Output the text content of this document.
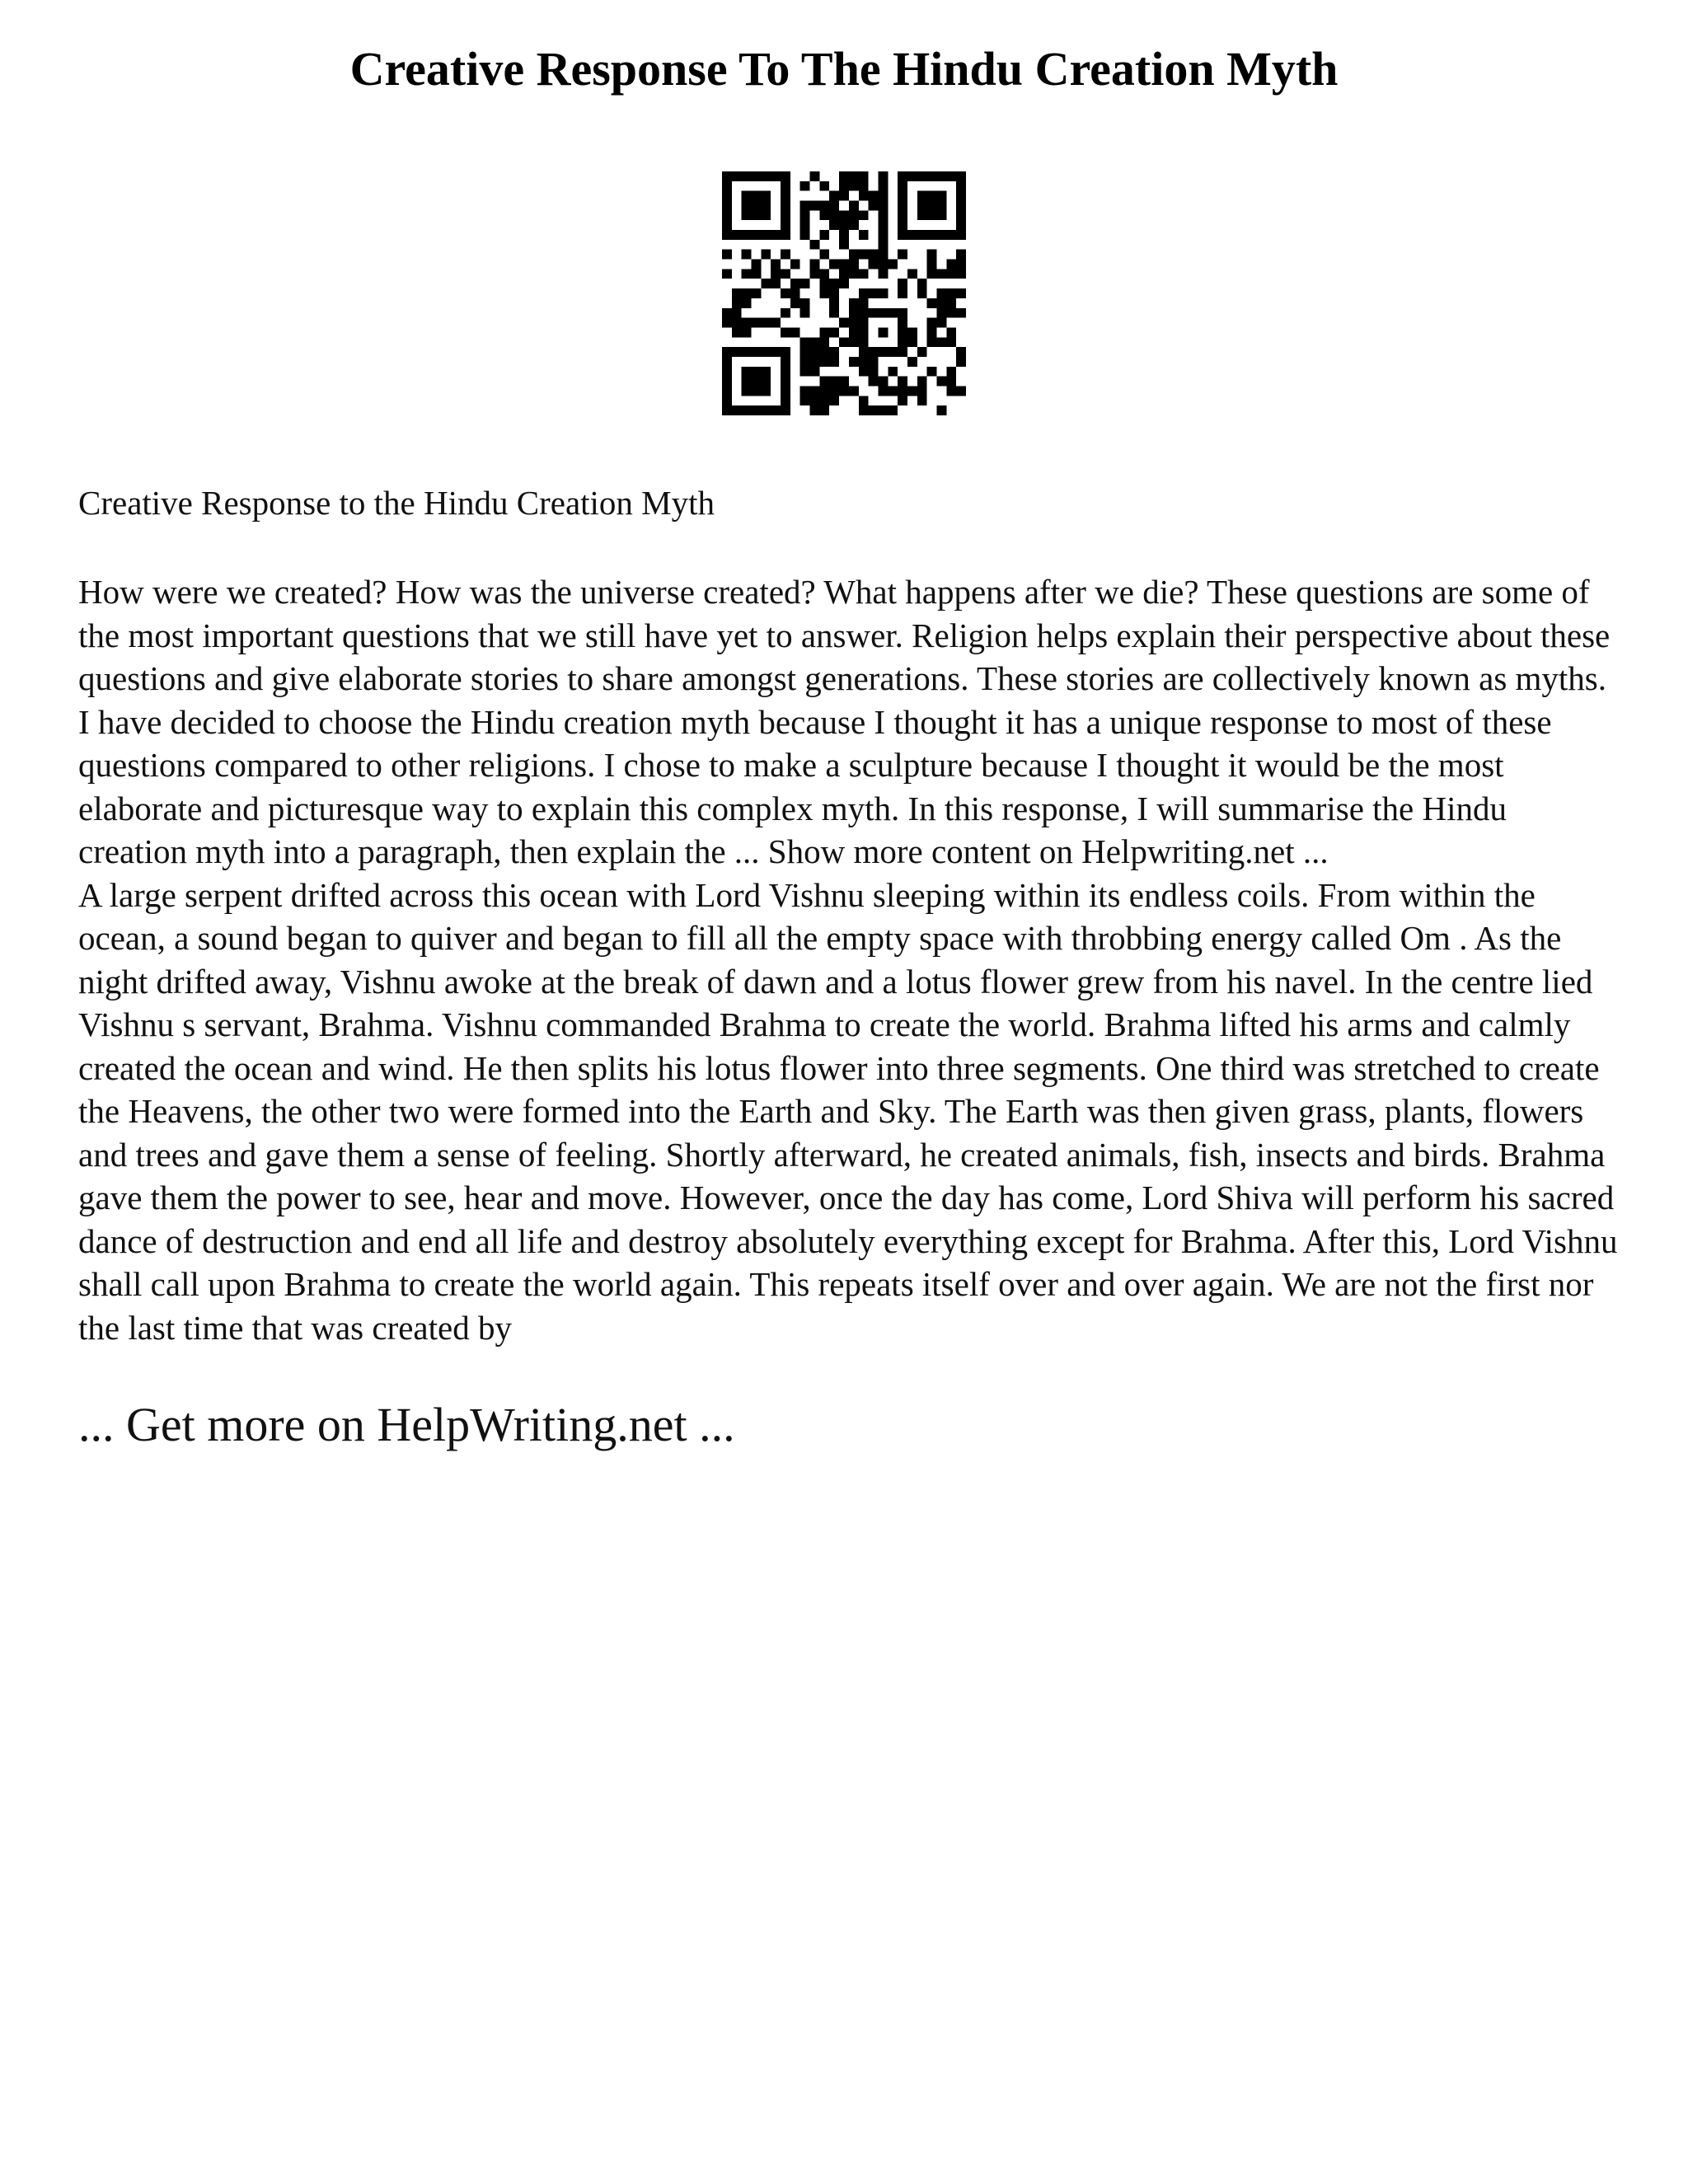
Creative Response To The Hindu Creation Myth

Creative Response to the Hindu Creation Myth

How were we created? How was the universe created? What happens after we die? These questions are some of the most important questions that we still have yet to answer. Religion helps explain their perspective about these questions and give elaborate stories to share amongst generations. These stories are collectively known as myths. I have decided to choose the Hindu creation myth because I thought it has a unique response to most of these questions compared to other religions. I chose to make a sculpture because I thought it would be the most elaborate and picturesque way to explain this complex myth. In this response, I will summarise the Hindu creation myth into a paragraph, then explain the ... Show more content on Helpwriting.net ...

A large serpent drifted across this ocean with Lord Vishnu sleeping within its endless coils. From within the ocean, a sound began to quiver and began to fill all the empty space with throbbing energy called Om . As the night drifted away, Vishnu awoke at the break of dawn and a lotus flower grew from his navel. In the centre lied Vishnu s servant, Brahma. Vishnu commanded Brahma to create the world. Brahma lifted his arms and calmly created the ocean and wind. He then splits his lotus flower into three segments. One third was stretched to create the Heavens, the other two were formed into the Earth and Sky. The Earth was then given grass, plants, flowers and trees and gave them a sense of feeling. Shortly afterward, he created animals, fish, insects and birds. Brahma gave them the power to see, hear and move. However, once the day has come, Lord Shiva will perform his sacred dance of destruction and end all life and destroy absolutely everything except for Brahma. After this, Lord Vishnu shall call upon Brahma to create the world again. This repeats itself over and over again. We are not the first nor the last time that was created by

... Get more on HelpWriting.net ...
